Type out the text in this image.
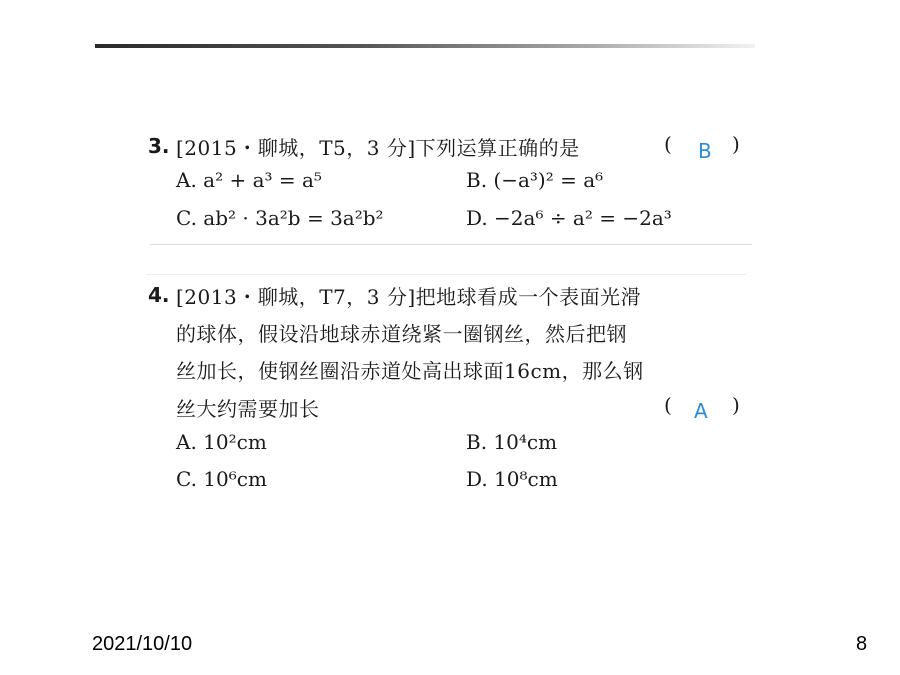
3. [2015・聊城，T5，3 分]下列运算正确的是	( B )
A. a² + a³ = a⁵	B. (−a³)² = a⁶
C. ab² · 3a²b = 3a²b²	D. −2a⁶ ÷ a² = −2a³
4. [2013・聊城，T7，3 分]把地球看成一个表面光滑
的球体，假设沿地球赤道绕紧一圈钢丝，然后把钢
丝加长，使钢丝圈沿赤道处高出球面16cm，那么钢
丝大约需要加长	( A )
A. 10²cm	B. 10⁴cm
C. 10⁶cm	D. 10⁸cm
2021/10/10	8
